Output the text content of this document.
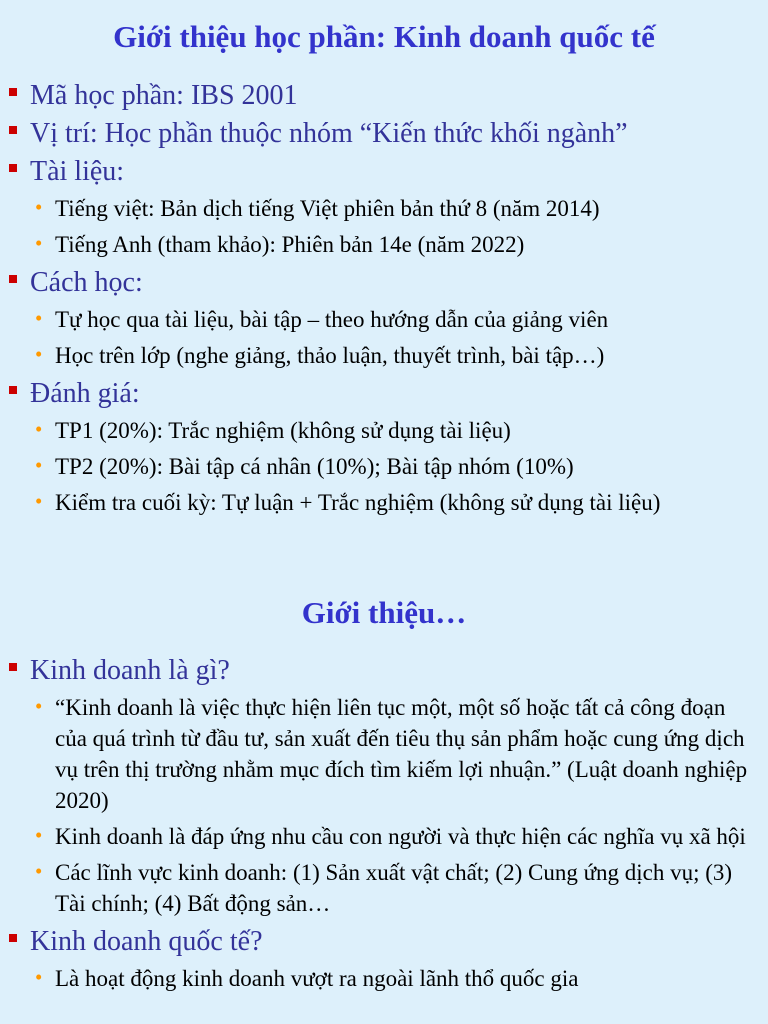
Giới thiệu học phần: Kinh doanh quốc tế
Mã học phần: IBS 2001
Vị trí: Học phần thuộc nhóm “Kiến thức khối ngành”
Tài liệu:
• Tiếng việt: Bản dịch tiếng Việt phiên bản thứ 8 (năm 2014)
• Tiếng Anh (tham khảo): Phiên bản 14e (năm 2022)
Cách học:
• Tự học qua tài liệu, bài tập – theo hướng dẫn của giảng viên
• Học trên lớp (nghe giảng, thảo luận, thuyết trình, bài tập…)
Đánh giá:
• TP1 (20%): Trắc nghiệm (không sử dụng tài liệu)
• TP2 (20%): Bài tập cá nhân (10%); Bài tập nhóm (10%)
• Kiểm tra cuối kỳ: Tự luận + Trắc nghiệm (không sử dụng tài liệu)
Giới thiệu…
Kinh doanh là gì?
• “Kinh doanh là việc thực hiện liên tục một, một số hoặc tất cả công đoạn của quá trình từ đầu tư, sản xuất đến tiêu thụ sản phẩm hoặc cung ứng dịch vụ trên thị trường nhằm mục đích tìm kiếm lợi nhuận.” (Luật doanh nghiệp 2020)
• Kinh doanh là đáp ứng nhu cầu con người và thực hiện các nghĩa vụ xã hội
• Các lĩnh vực kinh doanh: (1) Sản xuất vật chất; (2) Cung ứng dịch vụ; (3) Tài chính; (4) Bất động sản…
Kinh doanh quốc tế?
• Là hoạt động kinh doanh vượt ra ngoài lãnh thổ quốc gia
